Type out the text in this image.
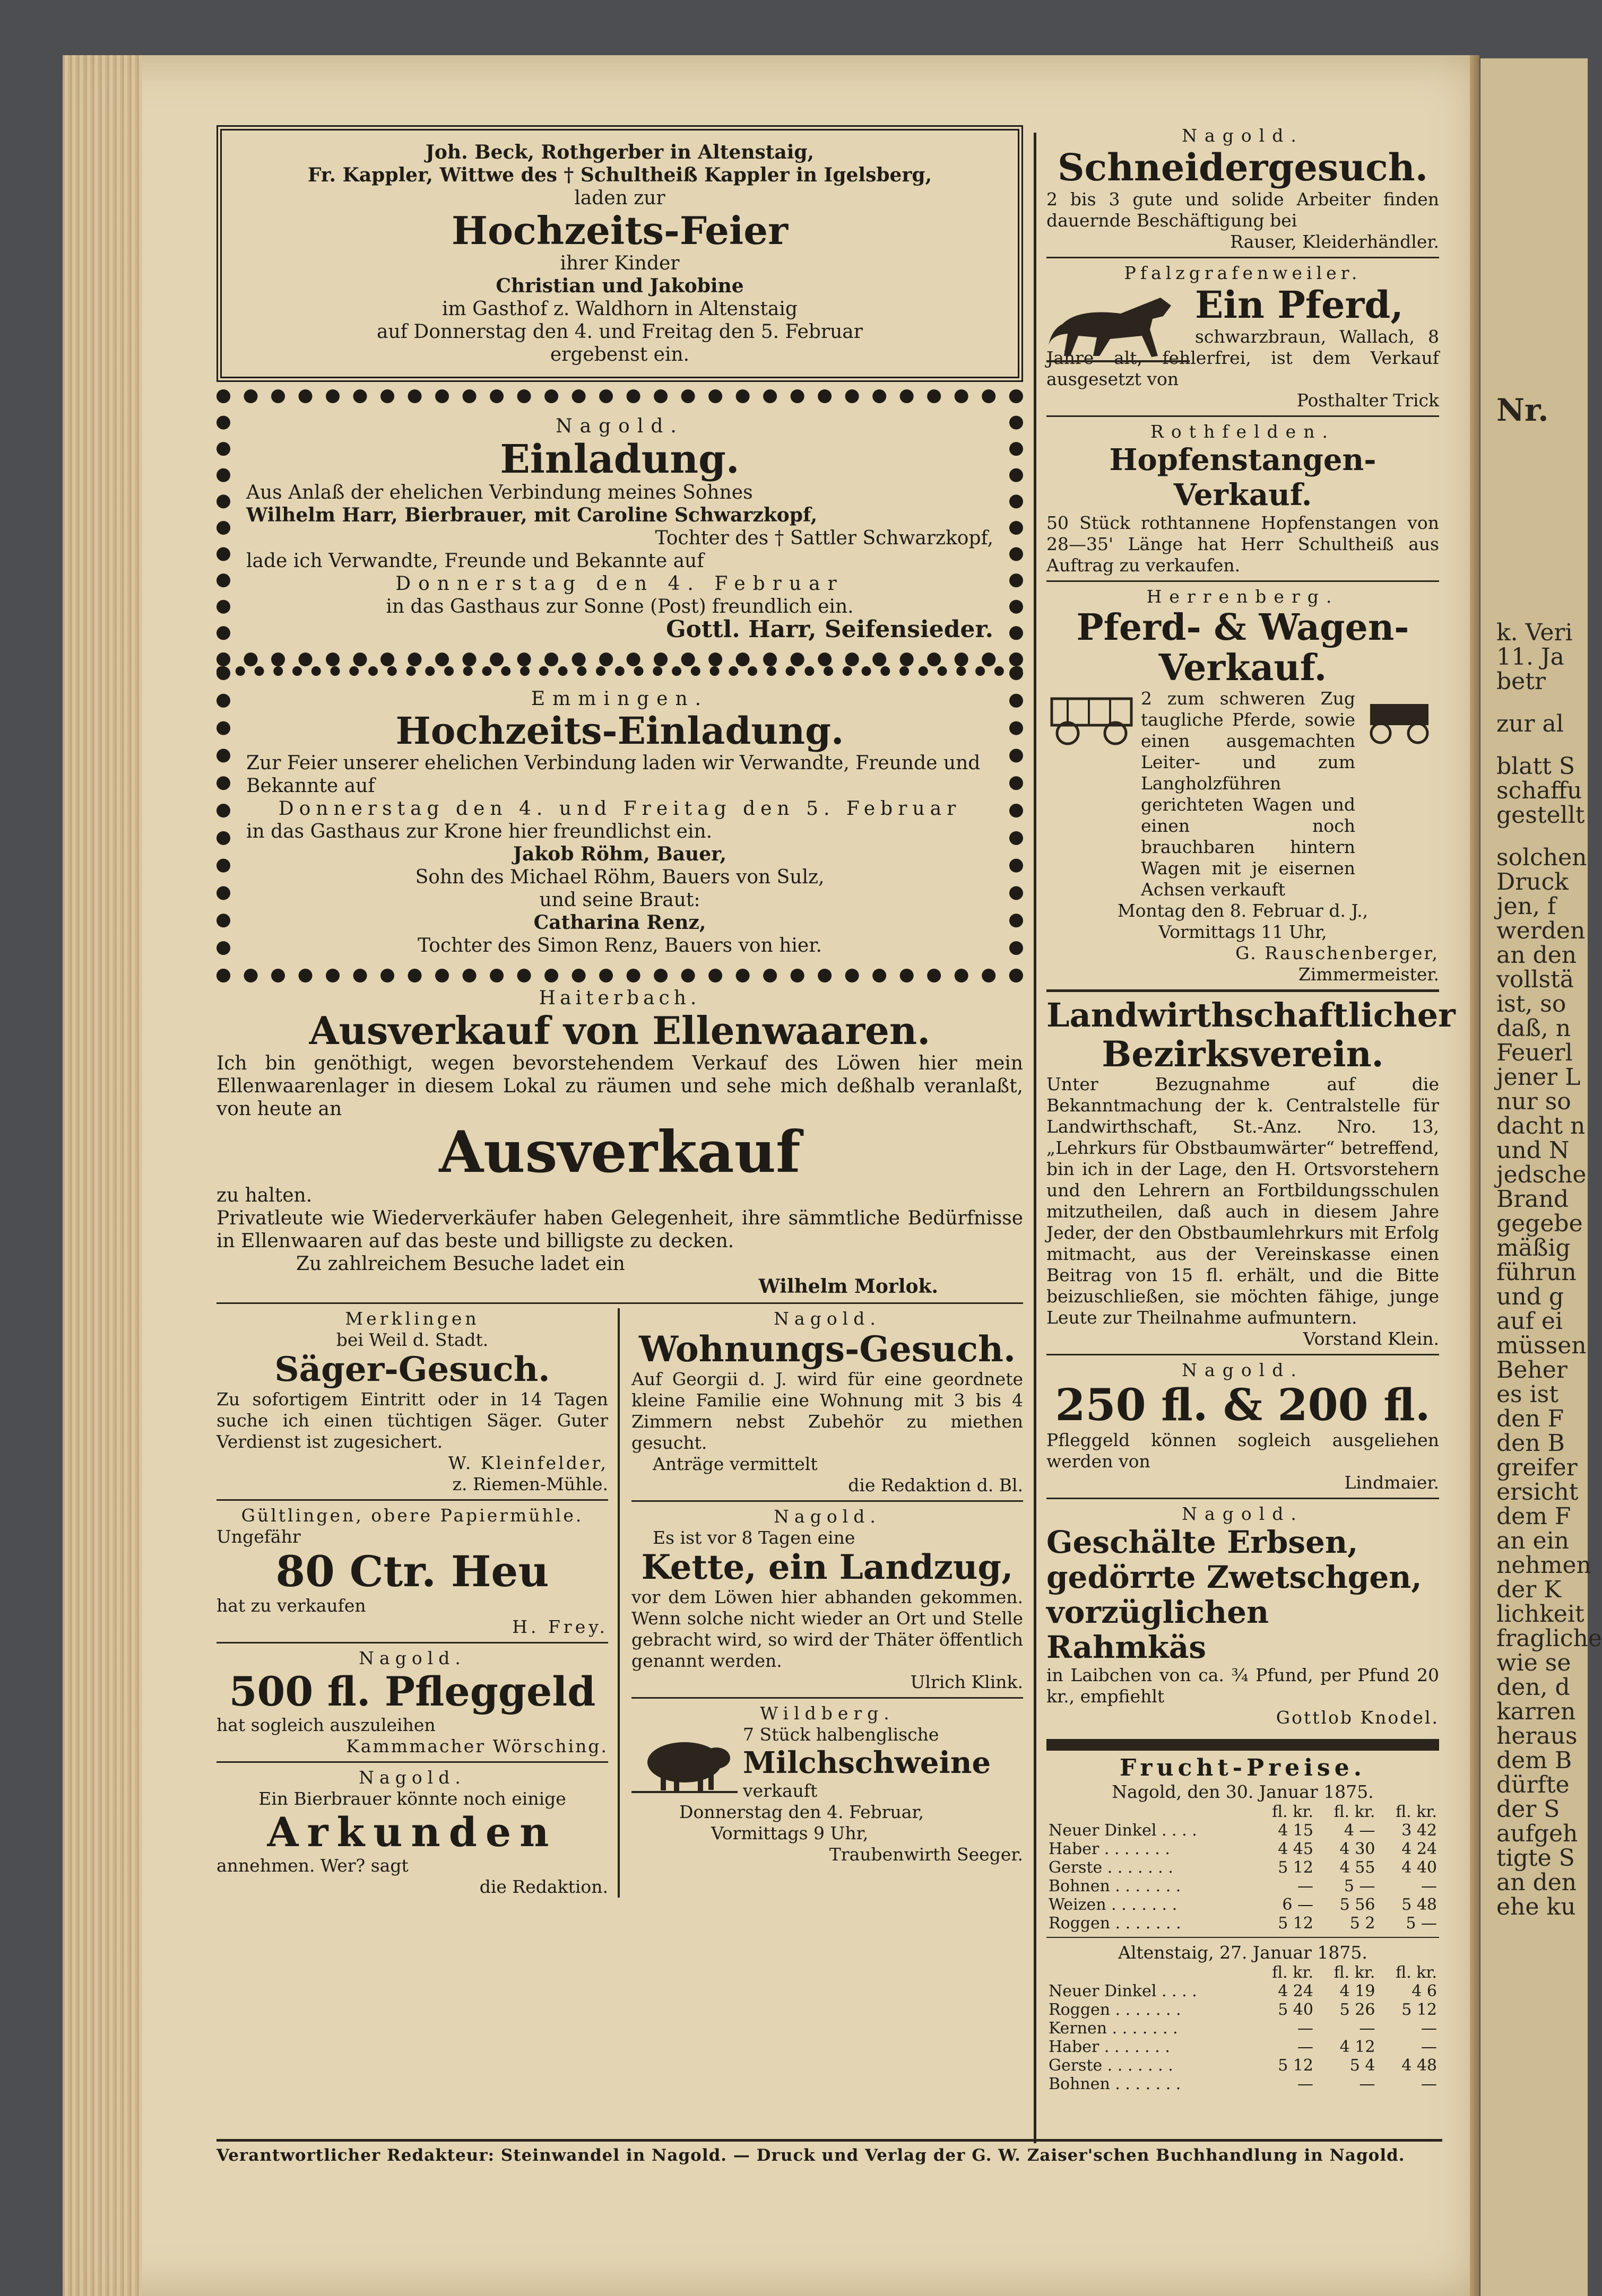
Nr.
k. Veri
11. Ja
betr
zur al
blatt S
schaffu
gestellt
solchen
Druck
jen, f
werden
an den
vollstä
ist, so
daß, n
Feuerl
jener L
nur so
dacht n
und N
jedsche
Brand
gegebe
mäßig
führun
und g
auf ei
müssen
Beher
es ist
den F
den B
greifer
ersicht
dem F
an ein
nehmen
der K
lichkeit
fragliche
wie se
den, d
karren
heraus
dem B
dürfte
der S
aufgeh
tigte S
an den
ehe ku
Joh. Beck, Rothgerber in Altenstaig,
Fr. Kappler, Wittwe des † Schultheiß Kappler in Igelsberg,
laden zur
Hochzeits-Feier
ihrer Kinder
Christian und Jakobine
im Gasthof z. Waldhorn in Altenstaig
auf Donnerstag den 4. und Freitag den 5. Februar
ergebenst ein.
Nagold.
Einladung.
Aus Anlaß der ehelichen Verbindung meines Sohnes
Wilhelm Harr, Bierbrauer, mit Caroline Schwarzkopf,
Tochter des † Sattler Schwarzkopf,
lade ich Verwandte, Freunde und Bekannte auf
Donnerstag den 4. Februar
in das Gasthaus zur Sonne (Post) freundlich ein.
Gottl. Harr, Seifensieder.
Emmingen.
Hochzeits-Einladung.
Zur Feier unserer ehelichen Verbindung laden wir Verwandte, Freunde und Bekannte auf
Donnerstag den 4. und Freitag den 5. Februar
in das Gasthaus zur Krone hier freundlichst ein.
Jakob Röhm, Bauer,
Sohn des Michael Röhm, Bauers von Sulz,
und seine Braut:
Catharina Renz,
Tochter des Simon Renz, Bauers von hier.
Haiterbach.
Ausverkauf von Ellenwaaren.
Ich bin genöthigt, wegen bevorstehendem Verkauf des Löwen hier mein Ellenwaarenlager in diesem Lokal zu räumen und sehe mich deßhalb veranlaßt, von heute an
Ausverkauf
zu halten.
Privatleute wie Wiederverkäufer haben Gelegenheit, ihre sämmtliche Bedürfnisse in Ellenwaaren auf das beste und billigste zu decken.
Zu zahlreichem Besuche ladet ein
Wilhelm Morlok.
Merklingen
bei Weil d. Stadt.
Säger-Gesuch.
Zu sofortigem Eintritt oder in 14 Tagen suche ich einen tüchtigen Säger. Guter Verdienst ist zugesichert.
W. Kleinfelder,
z. Riemen-Mühle.
Gültlingen, obere Papiermühle.
Ungefähr
80 Ctr. Heu
hat zu verkaufen
H. Frey.
Nagold.
500 fl. Pfleggeld
hat sogleich auszuleihen
Kammmacher Wörsching.
Nagold.
Ein Bierbrauer könnte noch einige
Arkunden
annehmen. Wer? sagt
die Redaktion.
Nagold.
Wohnungs-Gesuch.
Auf Georgii d. J. wird für eine geordnete kleine Familie eine Wohnung mit 3 bis 4 Zimmern nebst Zubehör zu miethen gesucht.
Anträge vermittelt
die Redaktion d. Bl.
Nagold.
Es ist vor 8 Tagen eine
Kette, ein Landzug,
vor dem Löwen hier abhanden gekommen. Wenn solche nicht wieder an Ort und Stelle gebracht wird, so wird der Thäter öffentlich genannt werden.
Ulrich Klink.
Wildberg.
7 Stück halbenglische
Milchschweine
verkauft
Donnerstag den 4. Februar,
Vormittags 9 Uhr,
Traubenwirth Seeger.
Nagold.
Schneidergesuch.
2 bis 3 gute und solide Arbeiter finden dauernde Beschäftigung bei
Rauser, Kleiderhändler.
Pfalzgrafenweiler.
Ein Pferd,
schwarzbraun, Wallach, 8 Jahre alt, fehlerfrei, ist dem Verkauf ausgesetzt von
Posthalter Trick
Rothfelden.
Hopfenstangen-Verkauf.
50 Stück rothtannene Hopfenstangen von 28—35' Länge hat Herr Schultheiß aus Auftrag zu verkaufen.
Herrenberg.
Pferd- & Wagen-
Verkauf.
2 zum schweren Zug taugliche Pferde, sowie einen ausgemachten Leiter- und zum Langholzführen gerichteten Wagen und einen noch brauchbaren hintern Wagen mit je eisernen Achsen verkauft
Montag den 8. Februar d. J.,
Vormittags 11 Uhr,
G. Rauschenberger,
Zimmermeister.
Landwirthschaftlicher
Bezirksverein.
Unter Bezugnahme auf die Bekanntmachung der k. Centralstelle für Landwirthschaft, St.-Anz. Nro. 13, „Lehrkurs für Obstbaumwärter“ betreffend, bin ich in der Lage, den H. Ortsvorstehern und den Lehrern an Fortbildungsschulen mitzutheilen, daß auch in diesem Jahre Jeder, der den Obstbaumlehrkurs mit Erfolg mitmacht, aus der Vereinskasse einen Beitrag von 15 fl. erhält, und die Bitte beizuschließen, sie möchten fähige, junge Leute zur Theilnahme aufmuntern.
Vorstand Klein.
Nagold.
250 fl. & 200 fl.
Pfleggeld können sogleich ausgeliehen werden von
Lindmaier.
Nagold.
Geschälte Erbsen,
gedörrte Zwetschgen,
vorzüglichen Rahmkäs
in Laibchen von ca. ¾ Pfund, per Pfund 20 kr., empfiehlt
Gottlob Knodel.
Frucht-Preise.
Nagold, den 30. Januar 1875.
	fl. kr.	fl. kr.	fl. kr.
Neuer Dinkel . . . .	4 15	4 —	3 42
Haber . . . . . . .	4 45	4 30	4 24
Gerste . . . . . . .	5 12	4 55	4 40
Bohnen . . . . . . .	—	5 —	—
Weizen . . . . . . .	6 —	5 56	5 48
Roggen . . . . . . .	5 12	5 2	5 —
Altenstaig, 27. Januar 1875.
	fl. kr.	fl. kr.	fl. kr.
Neuer Dinkel . . . .	4 24	4 19	4 6
Roggen . . . . . . .	5 40	5 26	5 12
Kernen . . . . . . .	—	—	—
Haber . . . . . . .	—	4 12	—
Gerste . . . . . . .	5 12	5 4	4 48
Bohnen . . . . . . .	—	—	—
Verantwortlicher Redakteur: Steinwandel in Nagold. — Druck und Verlag der G. W. Zaiser'schen Buchhandlung in Nagold.
